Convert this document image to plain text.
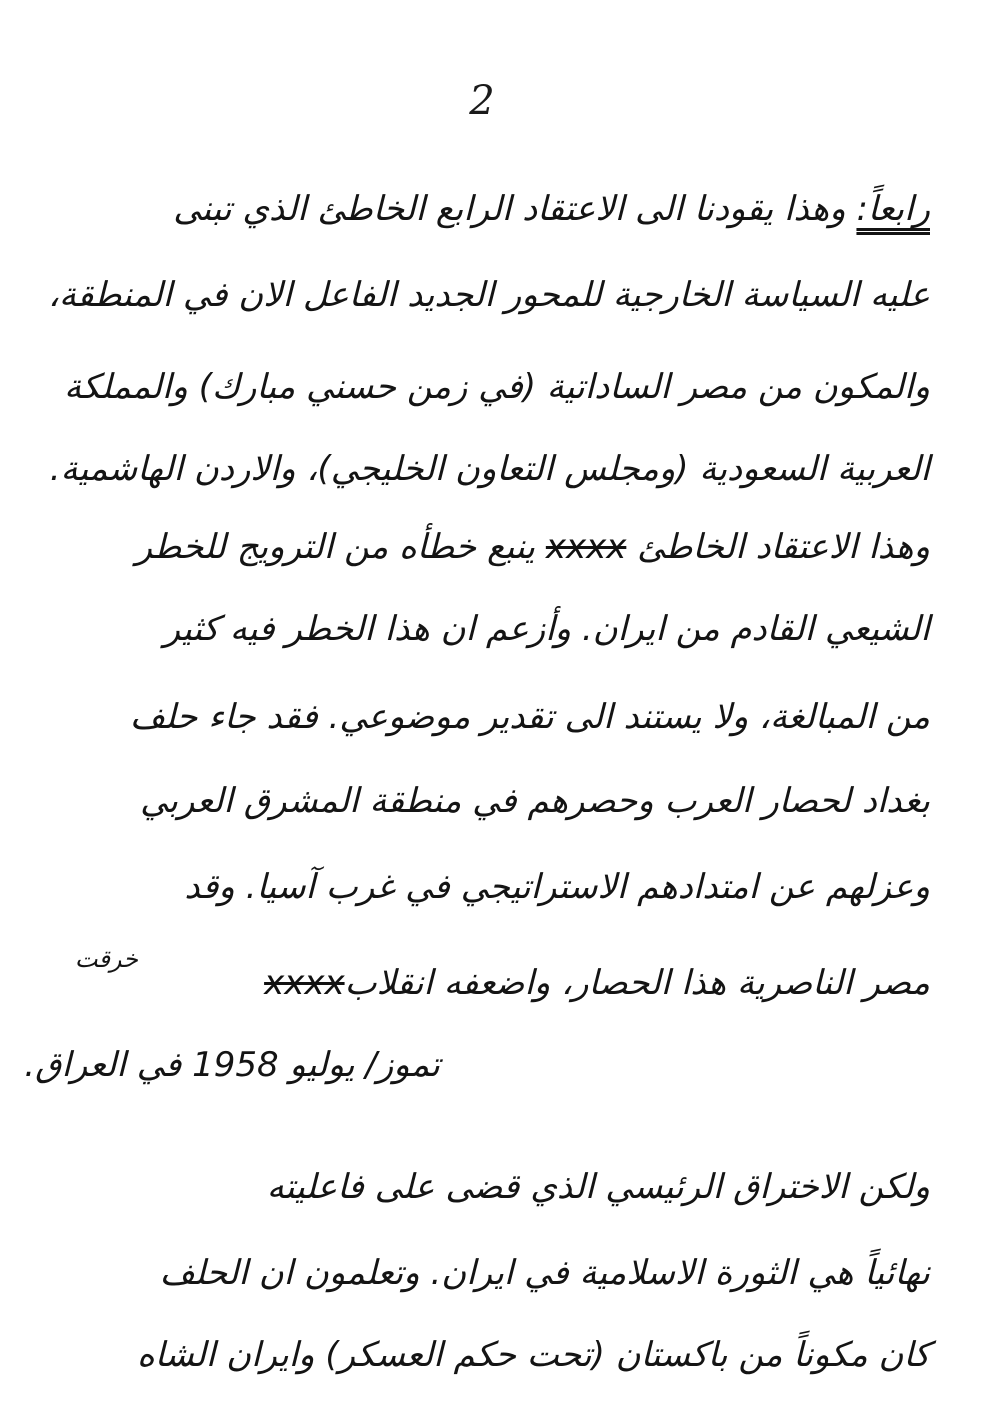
2
رابعاً: وهذا يقودنا الى الاعتقاد الرابع الخاطئ الذي تبنى
عليه السياسة الخارجية للمحور الجديد الفاعل الان في المنطقة،
والمكون من مصر الساداتية (في زمن حسني مبارك) والمملكة
العربية السعودية (ومجلس التعاون الخليجي)، والاردن الهاشمية.
وهذا الاعتقاد الخاطئ xxxx ينبع خطأه من الترويج للخطر
الشيعي القادم من ايران. وأزعم ان هذا الخطر فيه كثير
من المبالغة، ولا يستند الى تقدير موضوعي. فقد جاء حلف
بغداد لحصار العرب وحصرهم في منطقة المشرق العربي
وعزلهم عن امتدادهم الاستراتيجي في غرب آسيا. وقد
خرقت
مصر الناصرية هذا الحصار، واضعفه انقلابxxxx
تموز/ يوليو 1958 في العراق.
ولكن الاختراق الرئيسي الذي قضى على فاعليته
نهائياً هي الثورة الاسلامية في ايران. وتعلمون ان الحلف
كان مكوناً من باكستان (تحت حكم العسكر) وايران الشاه
